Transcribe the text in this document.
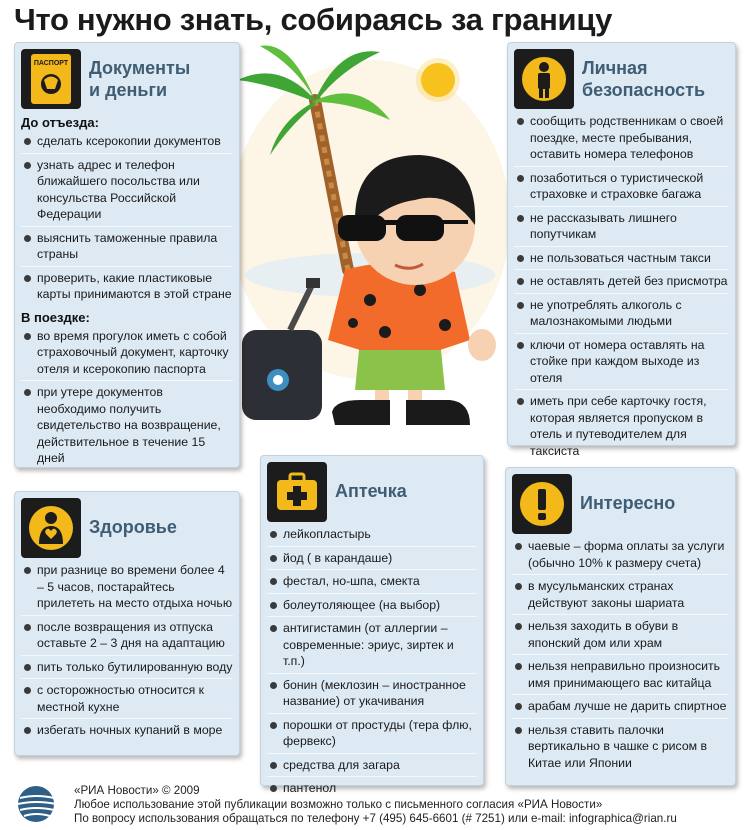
Что нужно знать, собираясь за границу
ПАСПОРТ Документы
и деньги
До отъезда:
сделать ксерокопии документов
узнать адрес и телефон ближайшего посольства или консульства Российской Федерации
выяснить таможенные правила страны
проверить, какие пластиковые карты принимаются в этой стране
В поездке:
во время прогулок иметь с собой страховочный документ, карточку отеля и ксерокопию паспорта
при утере документов необходимо получить свидетельство на возвращение, действительное в течение 15 дней
Личная
безопасность
сообщить родственникам о своей поездке, месте пребывания, оставить номера телефонов
позаботиться о туристической страховке и страховке багажа
не рассказывать лишнего попутчикам
не пользоваться частным такси
не оставлять детей без присмотра
не употреблять алкоголь с малознакомыми людьми
ключи от номера оставлять на стойке при каждом выходе из отеля
иметь при себе карточку гостя, которая является пропуском в отель и путеводителем для таксиста
Здоровье
при разнице во времени более 4 – 5 часов, постарайтесь прилететь на место отдыха ночью
после возвращения из отпуска оставьте 2 – 3 дня на адаптацию
пить только бутилированную воду
с осторожностью относится к местной кухне
избегать ночных купаний в море
Аптечка
лейкопластырь
йод ( в карандаше)
фестал, но-шпа, смекта
болеутоляющее (на выбор)
антигистамин (от аллергии – современные: эриус, зиртек и т.п.)
бонин (меклозин – иностранное название) от укачивания
порошки от простуды (тера флю, фервекс)
средства для загара
пантенол
Интересно
чаевые – форма оплаты за услуги (обычно 10% к размеру счета)
в мусульманских странах действуют законы шариата
нельзя заходить в обуви в японский дом или храм
нельзя неправильно произносить имя принимающего вас китайца
арабам лучше не дарить спиртное
нельзя ставить палочки вертикально в чашке с рисом в Китае или Японии
«РИА Новости» © 2009
Любое использование этой публикации возможно только с письменного согласия «РИА Новости»
По вопросу использования обращаться по телефону +7 (495) 645-6601 (# 7251) или e-mail: infographica@rian.ru
